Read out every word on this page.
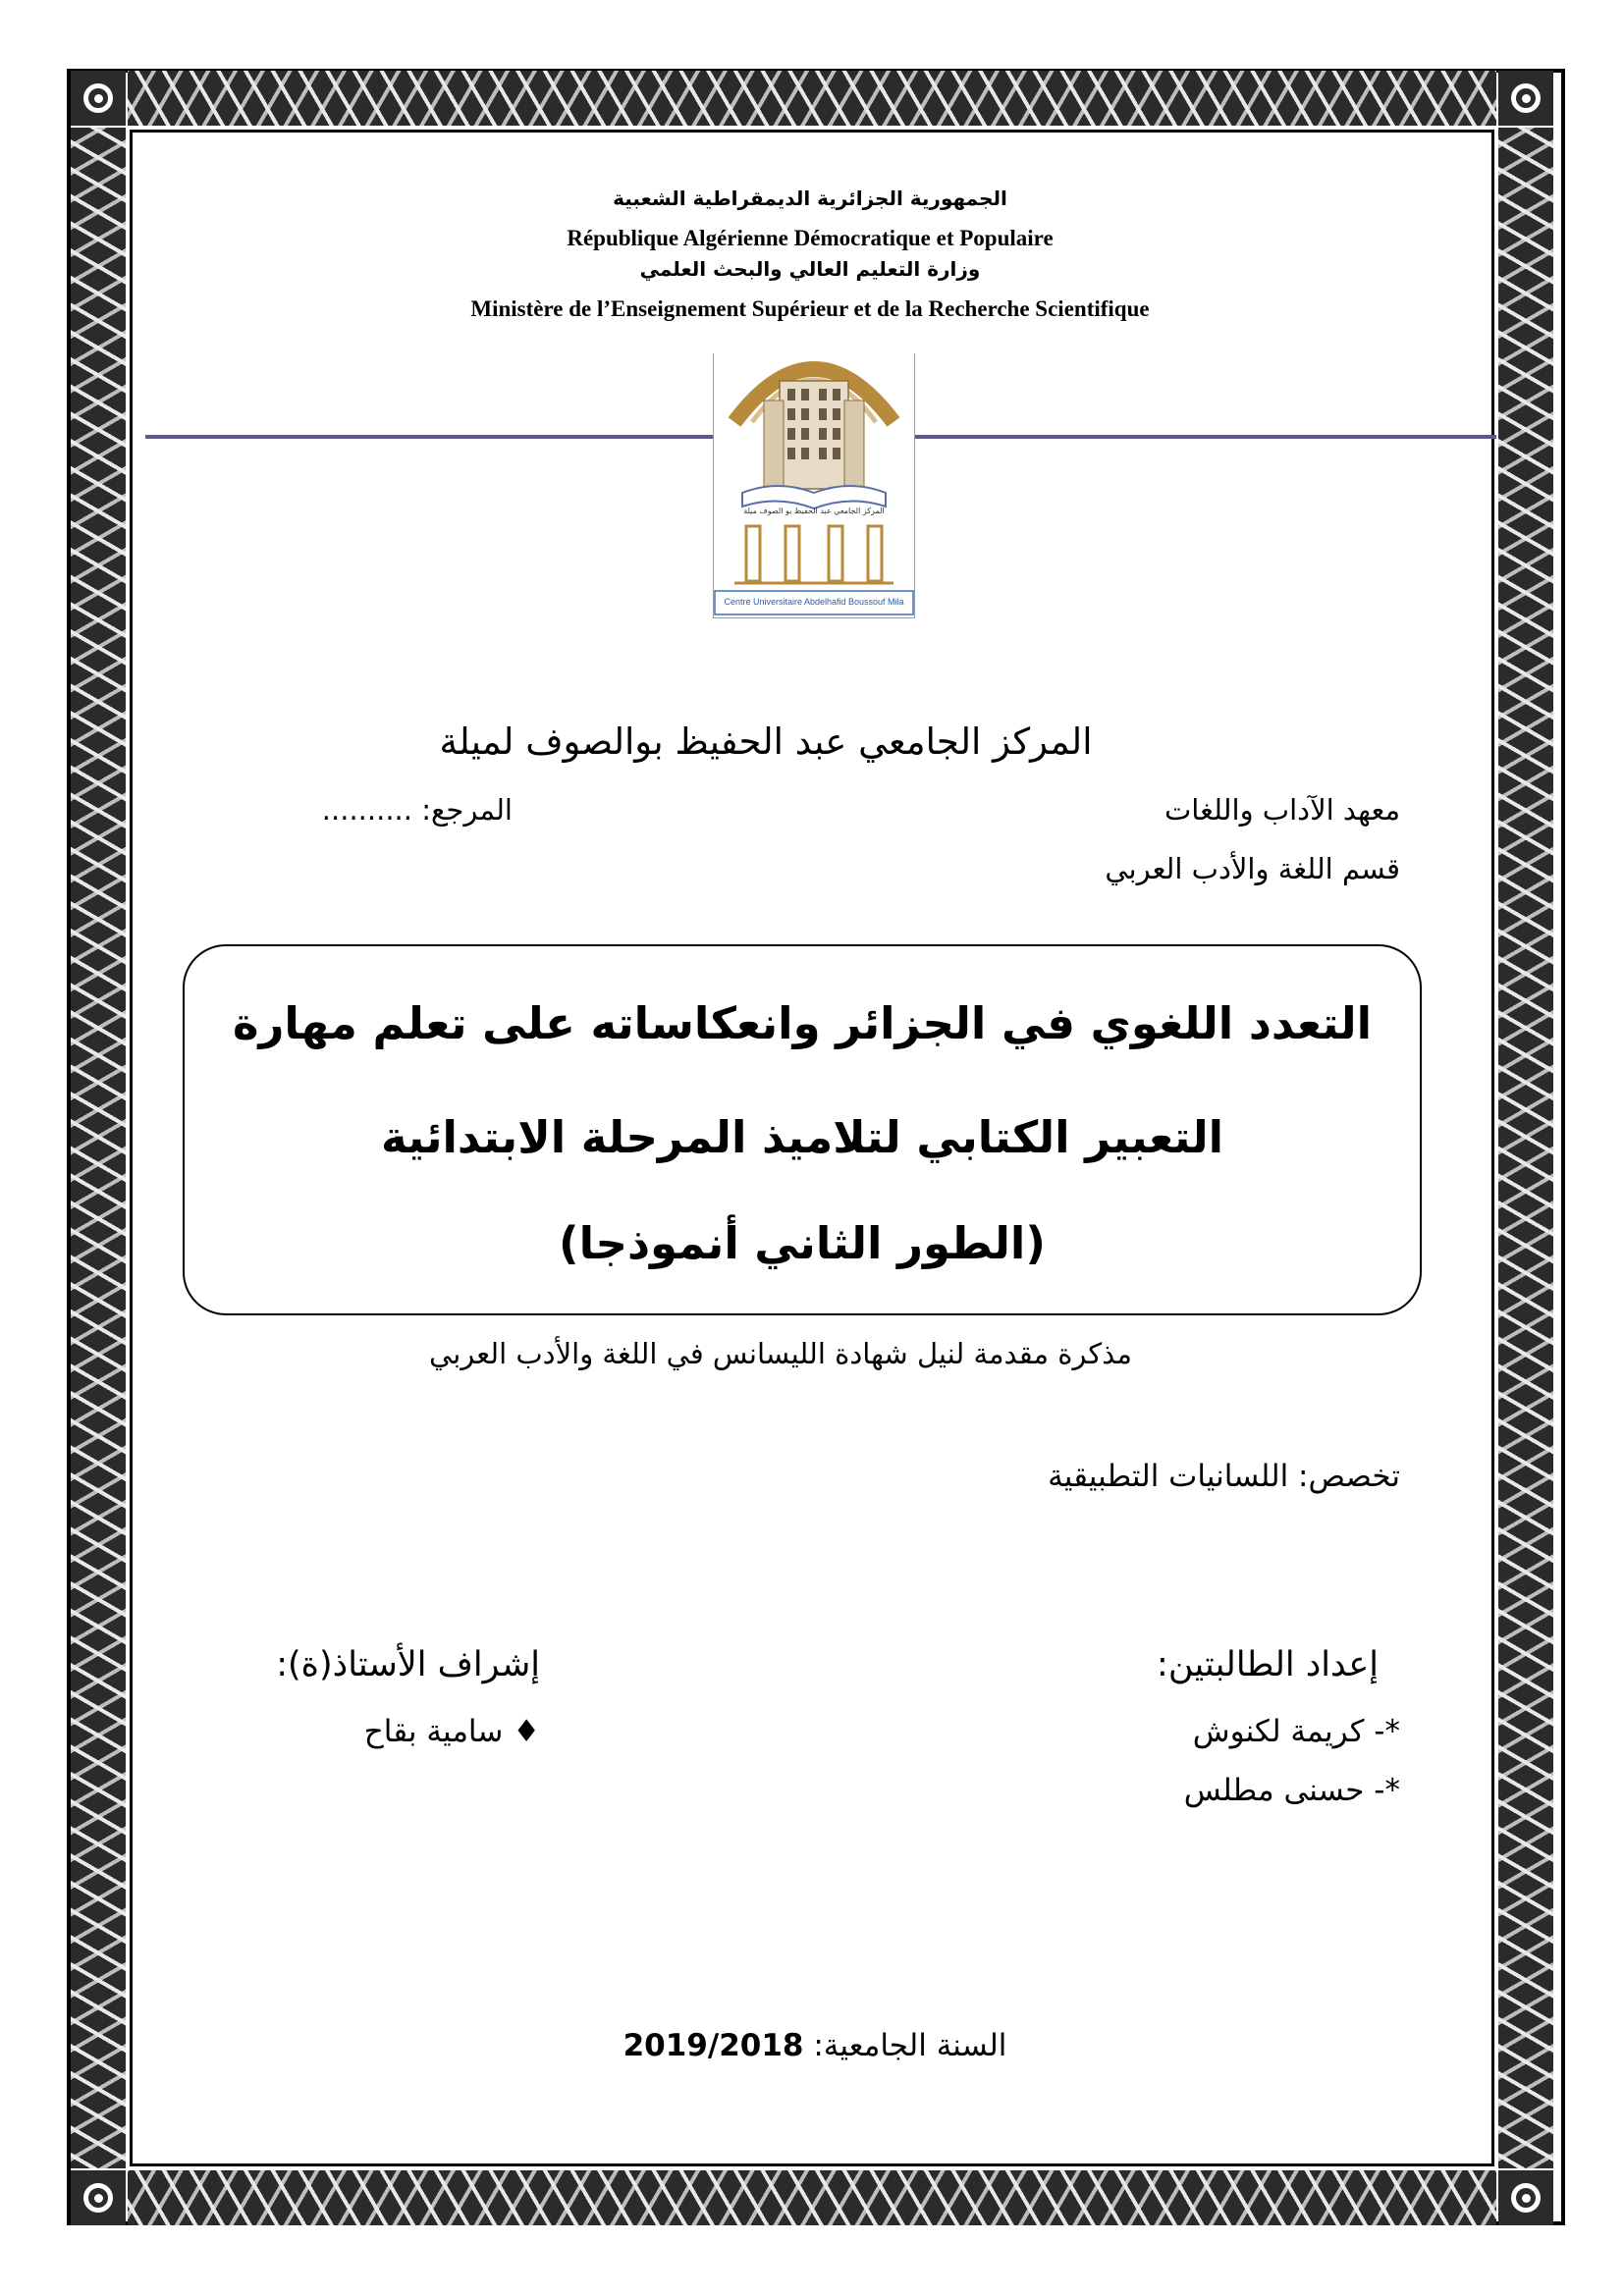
الجمهورية الجزائرية الديمقراطية الشعبية
République Algérienne Démocratique et Populaire
وزارة التعليم العالي والبحث العلمي
Ministère de l’Enseignement Supérieur et de la Recherche Scientifique
المركز الجامعي عبد الحفيظ بو الصوف ميلة
Centre Universitaire Abdelhafid Boussouf Mila
المركز الجامعي عبد الحفيظ بوالصوف لميلة
معهد الآداب واللغات
المرجع: ..........
قسم اللغة والأدب العربي
التعدد اللغوي في الجزائر وانعكاساته على تعلم مهارة
التعبير الكتابي لتلاميذ المرحلة الابتدائية
(الطور الثاني أنموذجا)
مذكرة مقدمة لنيل شهادة الليسانس في اللغة والأدب العربي
تخصص: اللسانيات التطبيقية
إعداد الطالبتين:
إشراف الأستاذ(ة):
*- كريمة لكنوش
*- حسنى مطلس
♦ سامية بقاح
السنة الجامعية: 2019/2018
